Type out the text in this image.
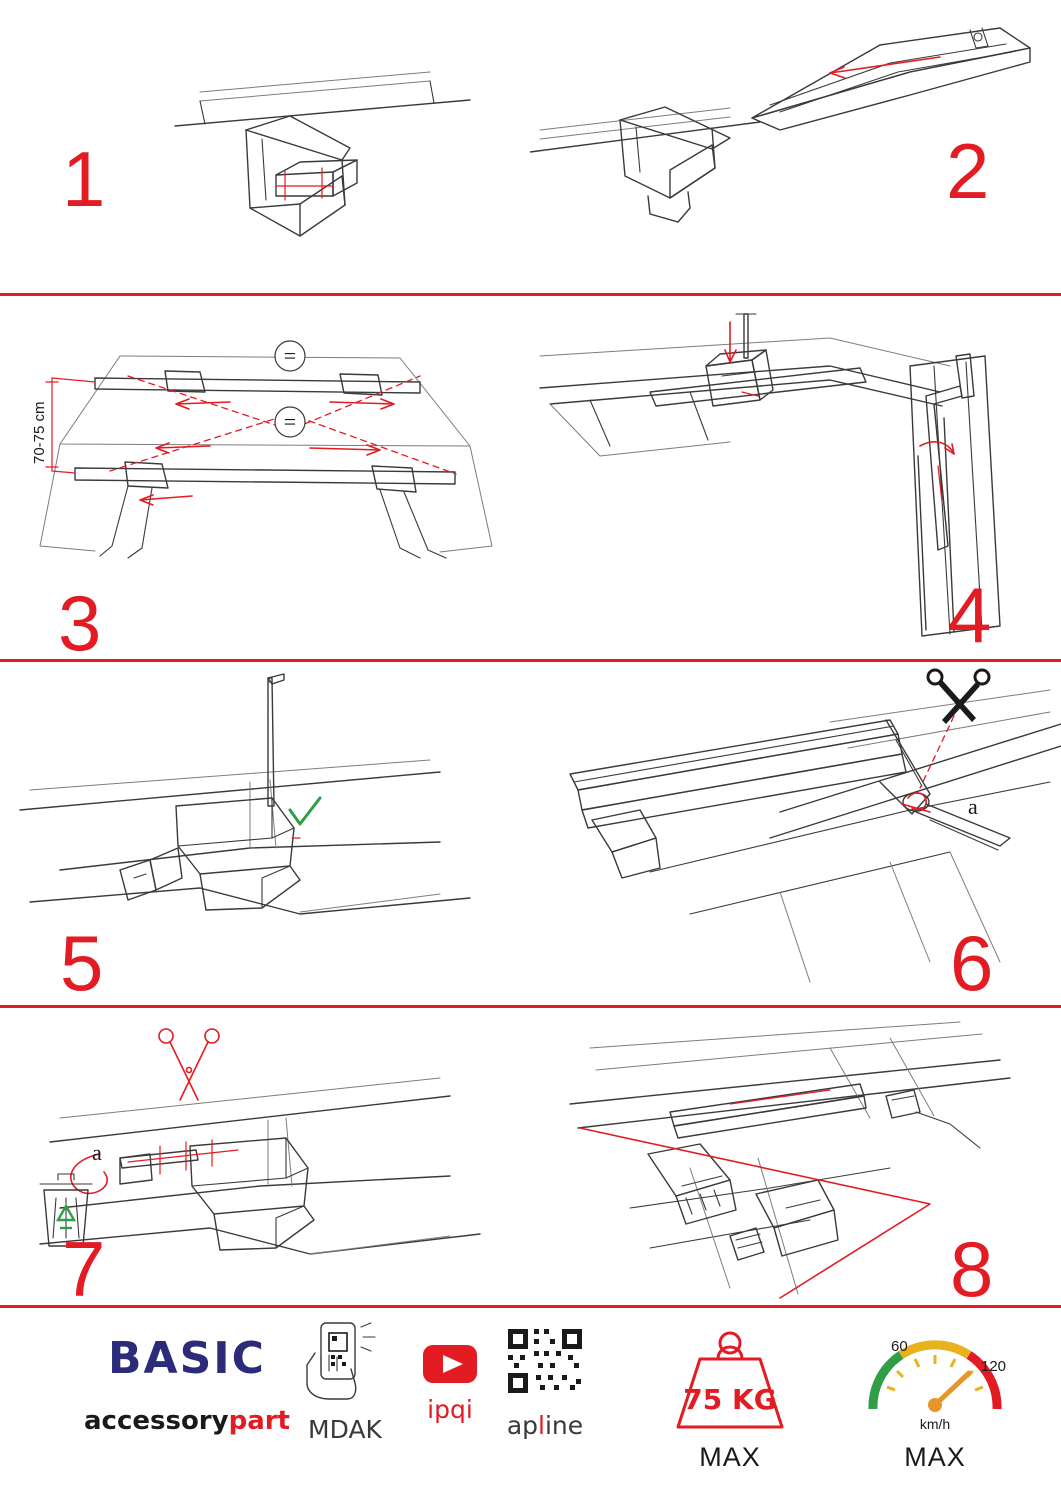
1	2
=
=
70-75 cm
3	4
5
a
6
a
7	8
BASIC
accessorypart MDAK
ipqi
apline
75 KG
MAX
60
120
km/h
MAX
